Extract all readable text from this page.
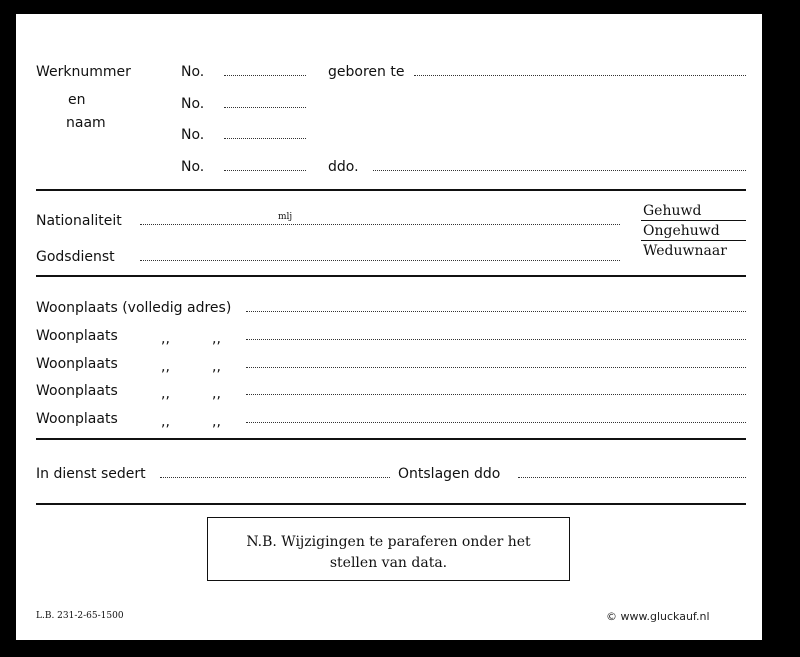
Werknummer
en
naam
No.
No.
No.
No.
geboren te
ddo.
Nationaliteit	mlj
Godsdienst
Gehuwd
Ongehuwd
Weduwnaar
Woonplaats (volledig adres)
Woonplaats	,,	,,
Woonplaats	,,	,,
Woonplaats	,,	,,
Woonplaats	,,	,,
In dienst sedert	Ontslagen ddo
N.B. Wijzigingen te paraferen onder het
stellen van data.
L.B. 231-2-65-1500	© www.gluckauf.nl
